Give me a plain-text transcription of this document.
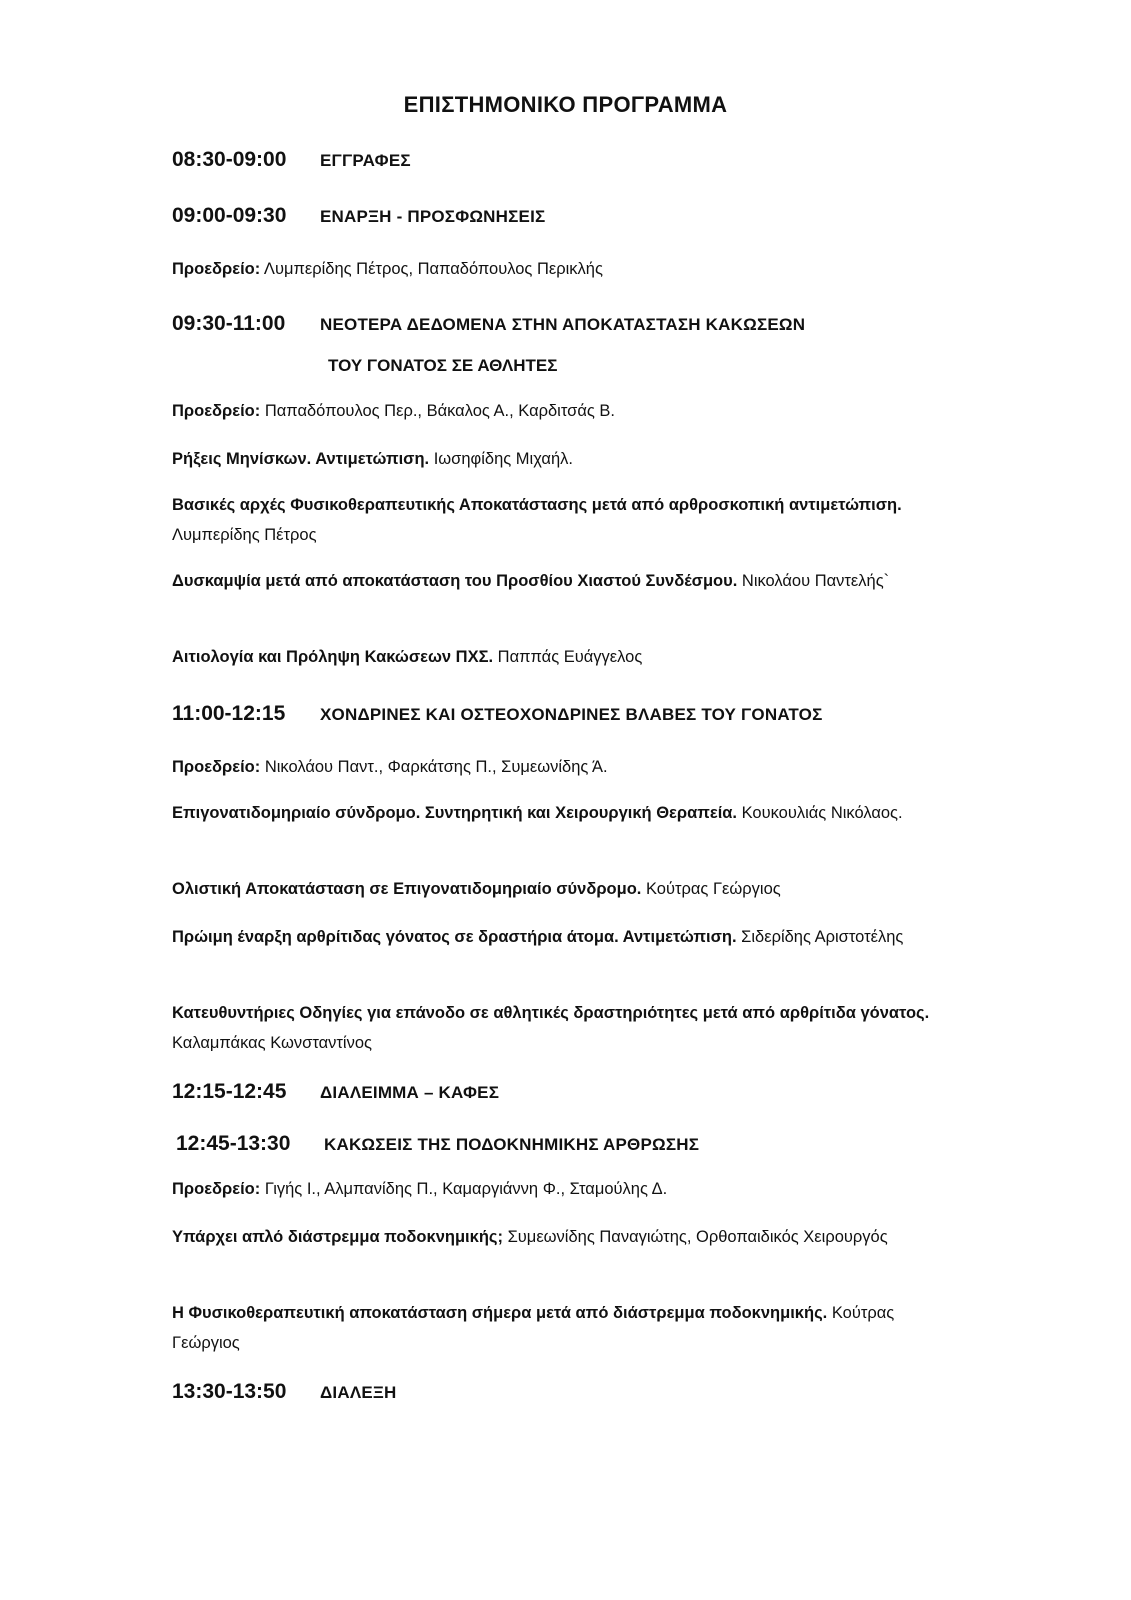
ΕΠΙΣΤΗΜΟΝΙΚΟ ΠΡΟΓΡΑΜΜΑ
08:30-09:00 ΕΓΓΡΑΦΕΣ
09:00-09:30 ΕΝΑΡΞΗ - ΠΡΟΣΦΩΝΗΣΕΙΣ
Προεδρείο: Λυμπερίδης Πέτρος, Παπαδόπουλος Περικλής
09:30-11:00 ΝΕΟΤΕΡΑ ΔΕΔΟΜΕΝΑ ΣΤΗΝ ΑΠΟΚΑΤΑΣΤΑΣΗ ΚΑΚΩΣΕΩΝ
ΤΟΥ ΓΟΝΑΤΟΣ ΣΕ ΑΘΛΗΤΕΣ
Προεδρείο: Παπαδόπουλος Περ., Βάκαλος Α., Καρδιτσάς Β.
Ρήξεις Μηνίσκων. Αντιμετώπιση. Ιωσηφίδης Μιχαήλ.
Βασικές αρχές Φυσικοθεραπευτικής Αποκατάστασης μετά από αρθροσκοπική αντιμετώπιση. Λυμπερίδης Πέτρος
Δυσκαμψία μετά από αποκατάσταση του Προσθίου Χιαστού Συνδέσμου. Νικολάου Παντελής`
Αιτιολογία και Πρόληψη Κακώσεων ΠΧΣ. Παππάς Ευάγγελος
11:00-12:15 ΧΟΝΔΡΙΝΕΣ ΚΑΙ ΟΣΤΕΟΧΟΝΔΡΙΝΕΣ ΒΛΑΒΕΣ ΤΟΥ ΓΟΝΑΤΟΣ
Προεδρείο: Νικολάου Παντ., Φαρκάτσης Π., Συμεωνίδης Ά.
Επιγονατιδομηριαίο σύνδρομο. Συντηρητική και Χειρουργική Θεραπεία. Κουκουλιάς Νικόλαος.
Ολιστική Αποκατάσταση σε Επιγονατιδομηριαίο σύνδρομο. Κούτρας Γεώργιος
Πρώιμη έναρξη αρθρίτιδας γόνατος σε δραστήρια άτομα. Αντιμετώπιση. Σιδερίδης Αριστοτέλης
Κατευθυντήριες Οδηγίες για επάνοδο σε αθλητικές δραστηριότητες μετά από αρθρίτιδα γόνατος. Καλαμπάκας Κωνσταντίνος
12:15-12:45 ΔΙΑΛΕΙΜΜΑ – ΚΑΦΕΣ
12:45-13:30 ΚΑΚΩΣΕΙΣ ΤΗΣ ΠΟΔΟΚΝΗΜΙΚΗΣ ΑΡΘΡΩΣΗΣ
Προεδρείο: Γιγής Ι., Αλμπανίδης Π., Καμαργιάννη Φ., Σταμούλης Δ.
Υπάρχει απλό διάστρεμμα ποδοκνημικής; Συμεωνίδης Παναγιώτης, Ορθοπαιδικός Χειρουργός
Η Φυσικοθεραπευτική αποκατάσταση σήμερα μετά από διάστρεμμα ποδοκνημικής. Κούτρας Γεώργιος
13:30-13:50 ΔΙΑΛΕΞΗ
